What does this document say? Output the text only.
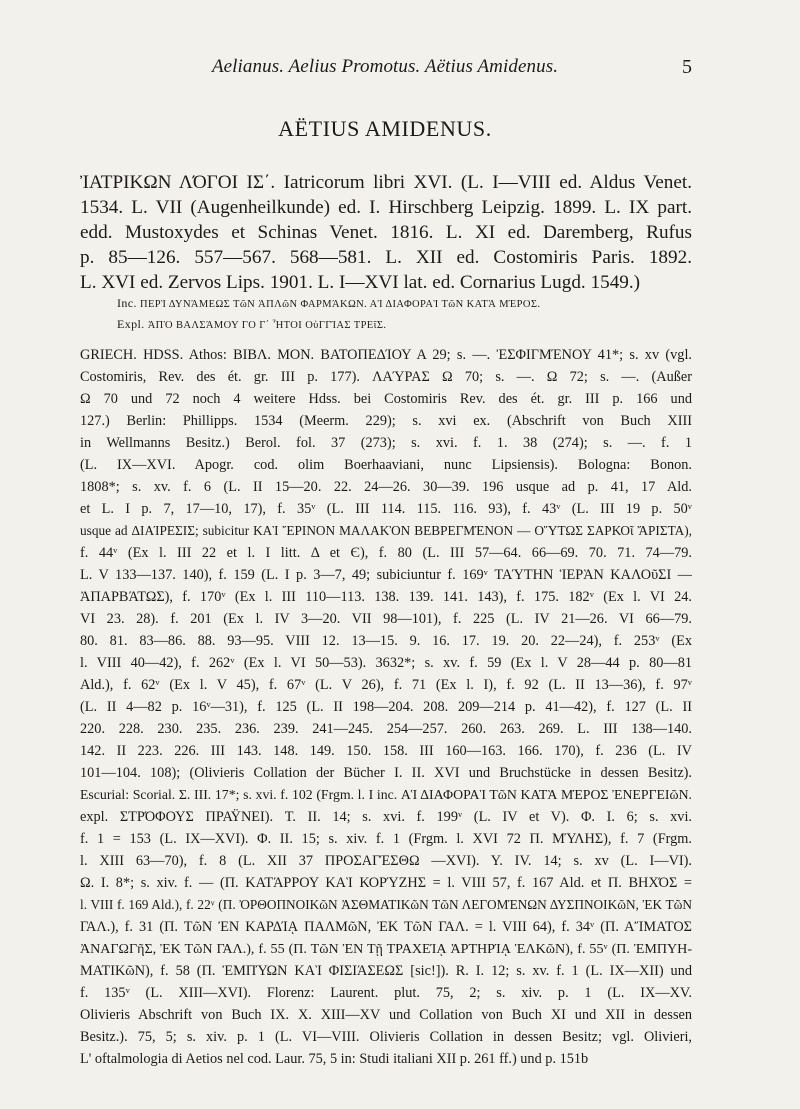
Aelianus. Aelius Promotus. Aëtius Amidenus.	5
AËTIUS AMIDENUS.
ἸΑΤΡΙΚΩΝ ΛΌΓΟΙ ΙΣ΄. Iatricorum libri XVI. (L. I—VIII ed. Aldus Venet.
1534. L. VII (Augenheilkunde) ed. I. Hirschberg Leipzig. 1899. L. IX part.
edd. Mustoxydes et Schinas Venet. 1816. L. XI ed. Daremberg, Rufus
p. 85—126. 557—567. 568—581. L. XII ed. Costomiris Paris. 1892.
L. XVI ed. Zervos Lips. 1901. L. I—XVI lat. ed. Cornarius Lugd. 1549.)
Inc. ΠΕΡῚ ΔΥΝΆΜΕΩΣ ΤῶΝ ἉΠΛῶΝ ΦΑΡΜΆΚΩΝ. ΑἹ ΔΙΑΦΟΡΑῚ ΤῶΝ ΚΑΤᾺ ΜΈΡΟΣ.
Expl. ἈΠῸ ΒΑΛΣΆΜΟΥ ΓΟ Γ΄ ἮΤΟΙ ΟὐΓΓΊΑΣ ΤΡΕῖΣ.
GRIECH. HDSS. Athos: ΒΙΒΛ. ΜΟΝ. ΒΑΤΟΠΕΔΊΟΥ Α 29; s. —. ἘΣΦΙΓΜΈΝΟΥ 41*; s. xv (vgl.
Costomiris, Rev. des ét. gr. III p. 177). ΛΑΎΡΑΣ Ω 70; s. —. Ω 72; s. —. (Außer
Ω 70 und 72 noch 4 weitere Hdss. bei Costomiris Rev. des ét. gr. III p. 166 und
127.) Berlin: Phillipps. 1534 (Meerm. 229); s. xvi ex. (Abschrift von Buch XIII
in Wellmanns Besitz.) Berol. fol. 37 (273); s. xvi. f. 1. 38 (274); s. —. f. 1
(L. IX—XVI. Apogr. cod. olim Boerhaaviani, nunc Lipsiensis). Bologna: Bonon.
1808*; s. xv. f. 6 (L. II 15—20. 22. 24—26. 30—39. 196 usque ad p. 41, 17 Ald.
et L. I p. 7, 17—10, 17), f. 35ᵛ (L. III 114. 115. 116. 93), f. 43ᵛ (L. III 19 p. 50ᵛ
usque ad ΔΙΑΊΡΕΣΙΣ; subicitur ΚΑῚ ἜΡΙΝΟΝ ΜΑΛΑΚῸΝ ΒΕΒΡΕΓΜΈΝΟΝ — ΟὝΤΩΣ ΣΑΡΚΟῖ ἌΡΙΣΤΑ),
f. 44ᵛ (Ex l. III 22 et l. I litt. Δ et Є), f. 80 (L. III 57—64. 66—69. 70. 71. 74—79.
L. V 133—137. 140), f. 159 (L. I p. 3—7, 49; subiciuntur f. 169ᵛ ΤΑΎΤΗΝ ἹΕΡᾺΝ ΚΑΛΟῦΣΙ —
ἈΠΑΡΒΆΤΩΣ), f. 170ᵛ (Ex l. III 110—113. 138. 139. 141. 143), f. 175. 182ᵛ (Ex l. VI 24.
VI 23. 28). f. 201 (Ex l. IV 3—20. VII 98—101), f. 225 (L. IV 21—26. VI 66—79.
80. 81. 83—86. 88. 93—95. VIII 12. 13—15. 9. 16. 17. 19. 20. 22—24), f. 253ᵛ (Ex
l. VIII 40—42), f. 262ᵛ (Ex l. VI 50—53). 3632*; s. xv. f. 59 (Ex l. V 28—44 p. 80—81
Ald.), f. 62ᵛ (Ex l. V 45), f. 67ᵛ (L. V 26), f. 71 (Ex l. I), f. 92 (L. II 13—36), f. 97ᵛ
(L. II 4—82 p. 16ᵛ—31), f. 125 (L. II 198—204. 208. 209—214 p. 41—42), f. 127 (L. II
220. 228. 230. 235. 236. 239. 241—245. 254—257. 260. 263. 269. L. III 138—140.
142. II 223. 226. III 143. 148. 149. 150. 158. III 160—163. 166. 170), f. 236 (L. IV
101—104. 108); (Olivieris Collation der Bücher I. II. XVI und Bruchstücke in dessen Besitz).
Escurial: Scorial. Σ. III. 17*; s. xvi. f. 102 (Frgm. l. I inc. ΑἹ ΔΙΑΦΟΡΑῚ ΤῶΝ ΚΑΤᾺ ΜΈΡΟΣ ἘΝΕΡΓΕΙῶΝ.
expl. ΣΤΡΌΦΟΥΣ ΠΡΑΫΝΕΙ). T. II. 14; s. xvi. f. 199ᵛ (L. IV et V). Φ. I. 6; s. xvi.
f. 1 = 153 (L. IX—XVI). Φ. II. 15; s. xiv. f. 1 (Frgm. l. XVI 72 Π. ΜΎΛΗΣ), f. 7 (Frgm.
l. XIII 63—70), f. 8 (L. XII 37 ΠΡΟΣΑΓΈΣΘΩ —XVI). Y. IV. 14; s. xv (L. I—VI).
Ω. I. 8*; s. xiv. f. — (Π. ΚΑΤΆΡΡΟΥ ΚΑῚ ΚΟΡΎΖΗΣ = l. VIII 57, f. 167 Ald. et Π. ΒΗΧΌΣ =
l. VIII f. 169 Ald.), f. 22ᵛ (Π. ὈΡΘΟΠΝΟΙΚῶΝ ἈΣΘΜΑΤΙΚῶΝ ΤῶΝ ΛΕΓΟΜΈΝΩΝ ΔΥΣΠΝΟΙΚῶΝ, ἘΚ ΤῶΝ
ΓΑΛ.), f. 31 (Π. ΤῶΝ ἘΝ ΚΑΡΔΊᾼ ΠΑΛΜῶΝ, ἘΚ ΤῶΝ ΓΑΛ. = l. VIII 64), f. 34ᵛ (Π. ΑἼΜΑΤΟΣ
ἈΝΑΓΩΓῆΣ, ἘΚ ΤῶΝ ΓΑΛ.), f. 55 (Π. ΤῶΝ ἘΝ Τῇ ΤΡΑΧΕΊᾼ ἈΡΤΗΡΊᾼ ἙΛΚῶΝ), f. 55ᵛ (Π. ἘΜΠΥΗ-
ΜΑΤΙΚῶΝ), f. 58 (Π. ἘΜΠΎΩΝ ΚΑῚ ΦΙΣΙΆΣΕΩΣ [sic!]). R. I. 12; s. xv. f. 1 (L. IX—XII) und
f. 135ᵛ (L. XIII—XVI). Florenz: Laurent. plut. 75, 2; s. xiv. p. 1 (L. IX—XV.
Olivieris Abschrift von Buch IX. X. XIII—XV und Collation von Buch XI und XII in dessen
Besitz.). 75, 5; s. xiv. p. 1 (L. VI—VIII. Olivieris Collation in dessen Besitz; vgl. Olivieri,
L' oftalmologia di Aetios nel cod. Laur. 75, 5 in: Studi italiani XII p. 261 ff.) und p. 151b
